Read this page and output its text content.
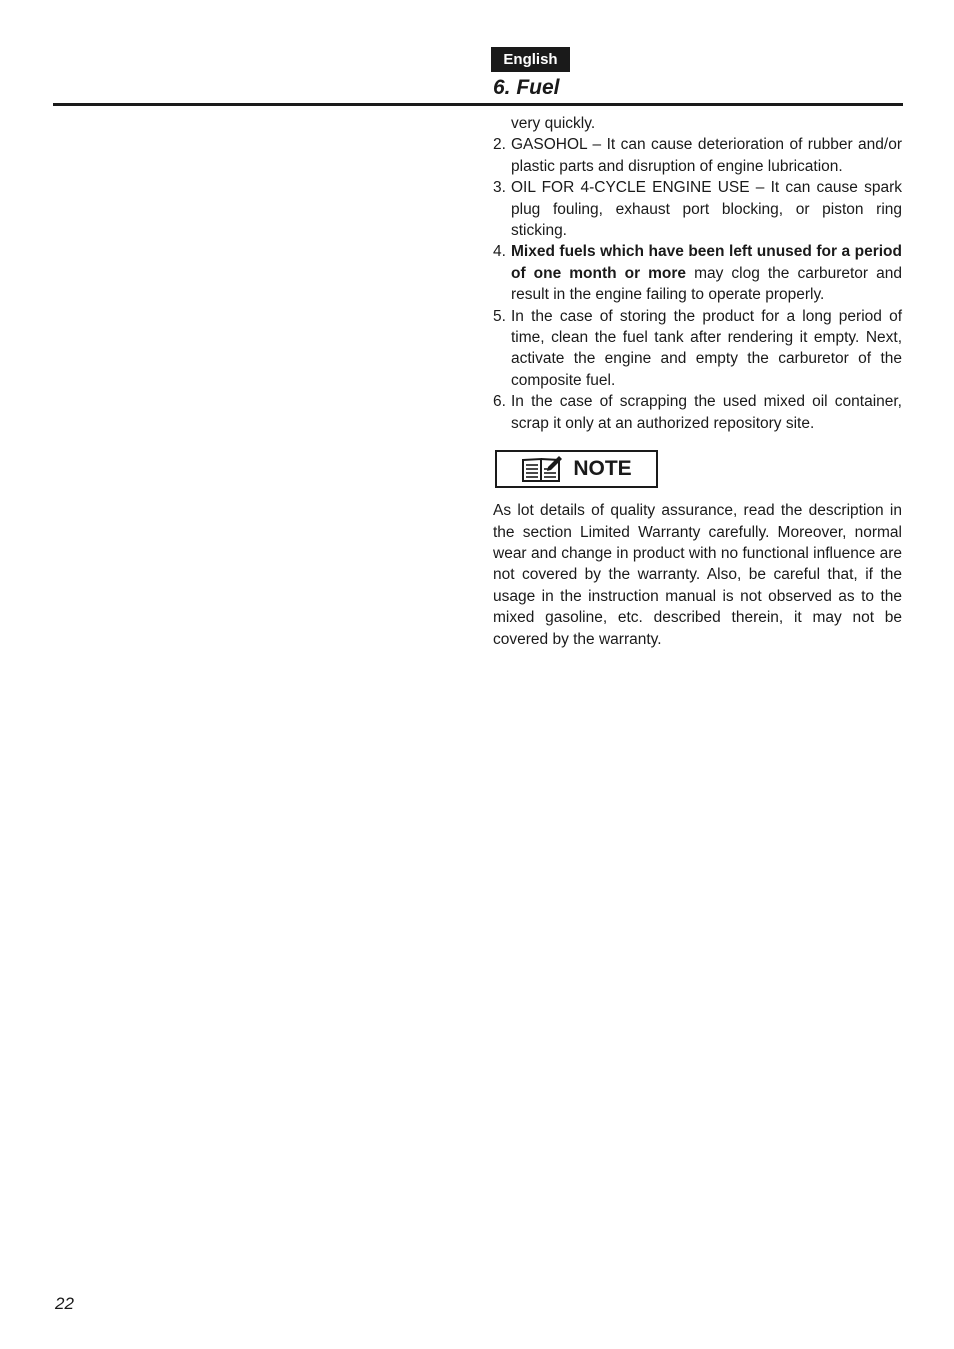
English
6. Fuel
very quickly.
2. GASOHOL – It can cause deterioration of rubber and/or plastic parts and disruption of engine lubrication.
3. OIL FOR 4-CYCLE ENGINE USE – It can cause spark plug fouling, exhaust port blocking, or piston ring sticking.
4. Mixed fuels which have been left unused for a period of one month or more may clog the carburetor and result in the engine failing to operate properly.
5. In the case of storing the product for a long period of time, clean the fuel tank after rendering it empty. Next, activate the engine and empty the carburetor of the composite fuel.
6. In the case of scrapping the used mixed oil container, scrap it only at an authorized repository site.
NOTE
As lot details of quality assurance, read the description in the section Limited Warranty carefully. Moreover, normal wear and change in product with no functional influence are not covered by the warranty. Also, be careful that, if the usage in the instruction manual is not observed as to the mixed gasoline, etc. described therein, it may not be covered by the warranty.
22
